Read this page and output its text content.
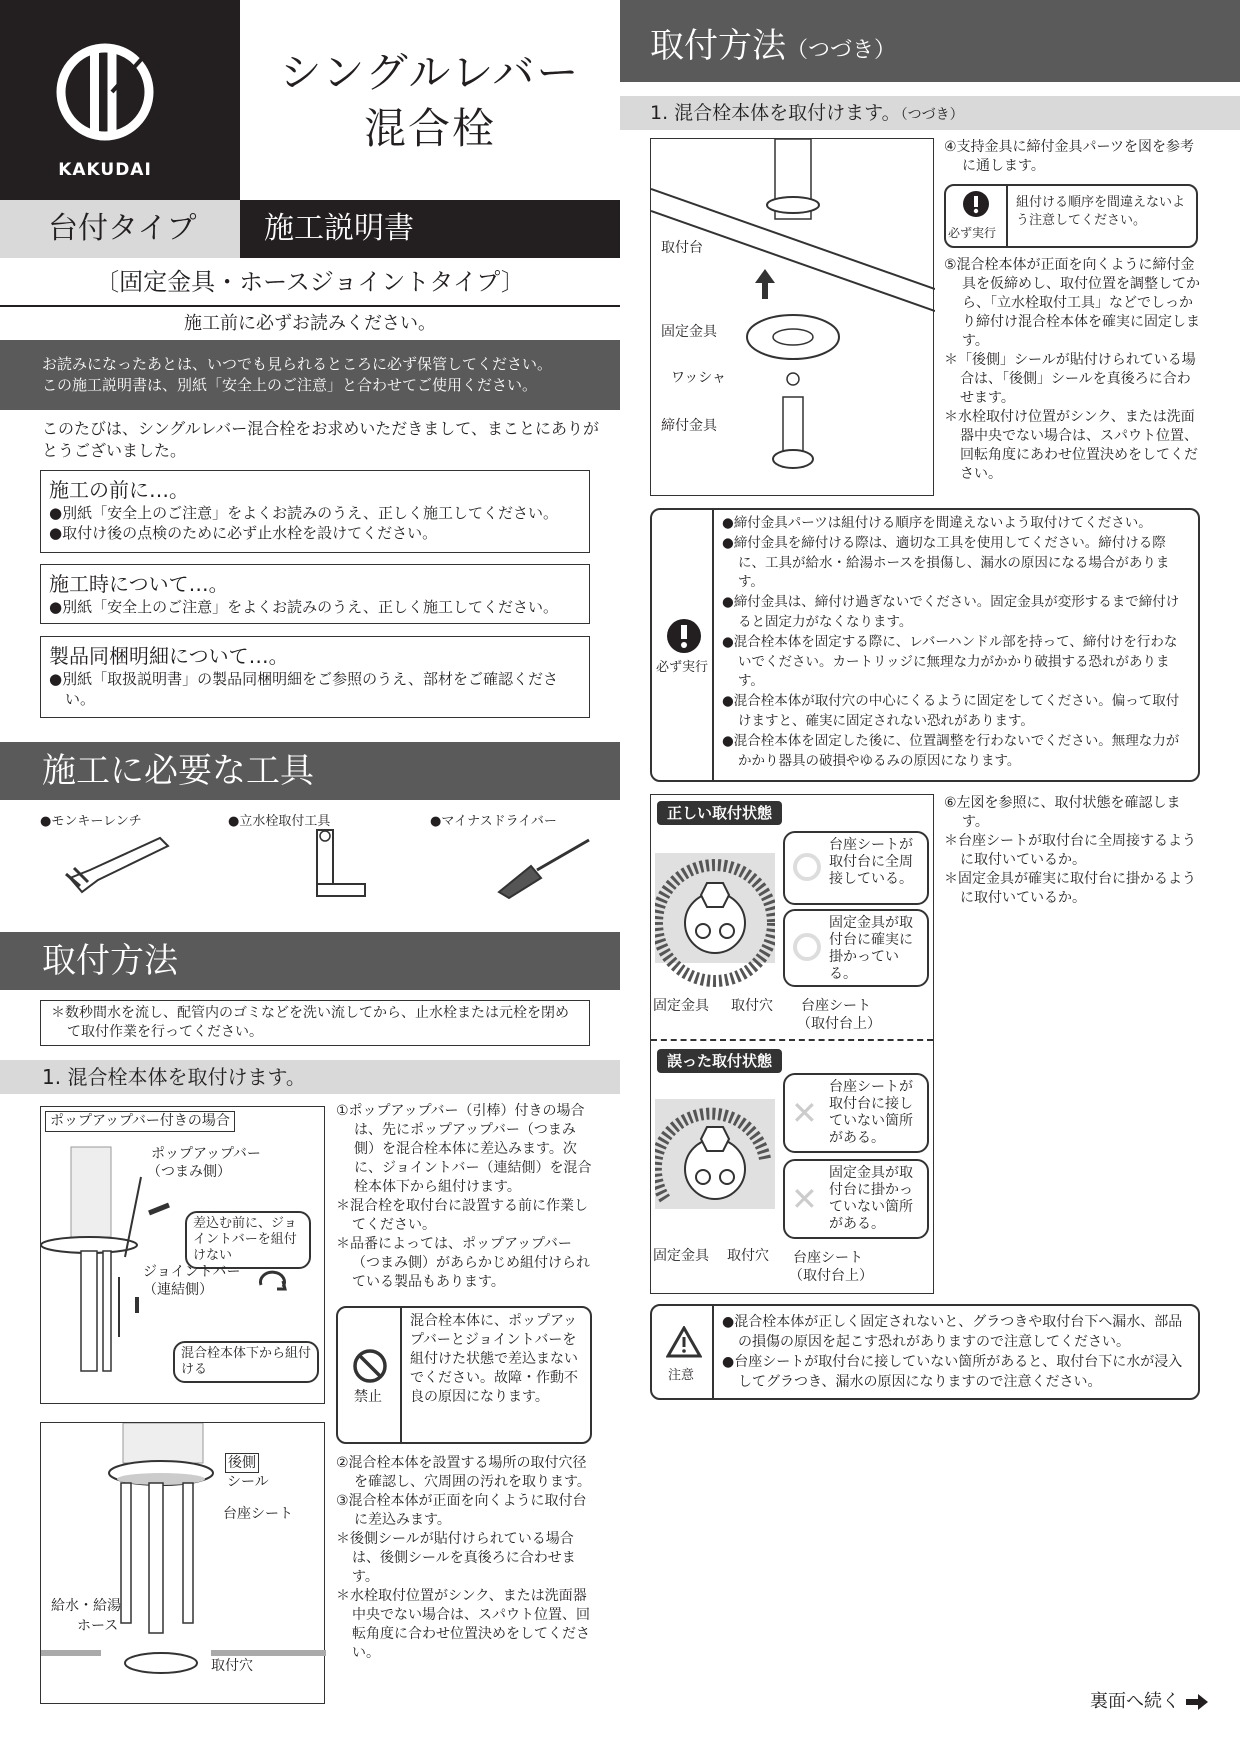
KAKUDAI
シングルレバー
混合栓
台付タイプ	施工説明書
〔固定金具・ホースジョイントタイプ〕
施工前に必ずお読みください。
お読みになったあとは、いつでも見られるところに必ず保管してください。
この施工説明書は、別紙「安全上のご注意」と合わせてご使用ください。
このたびは、シングルレバー混合栓をお求めいただきまして、まことにありがとうございました。
施工の前に…。
●別紙「安全上のご注意」をよくお読みのうえ、正しく施工してください。
●取付け後の点検のために必ず止水栓を設けてください。
施工時について…。
●別紙「安全上のご注意」をよくお読みのうえ、正しく施工してください。
製品同梱明細について…。
●別紙「取扱説明書」の製品同梱明細をご参照のうえ、部材をご確認ください。
施工に必要な工具
●モンキーレンチ	●立水栓取付工具	●マイナスドライバー
取付方法
＊数秒間水を流し、配管内のゴミなどを洗い流してから、止水栓または元栓を閉めて取付作業を行ってください。
1. 混合栓本体を取付けます。
ポップアップバー付きの場合
ポップアップバー
（つまみ側）
差込む前に、ジョイントバーを組付けない
ジョイントバー
（連結側）
混合栓本体下から組付ける
①ポップアップバー（引棒）付きの場合は、先にポップアップバー（つまみ側）を混合栓本体に差込みます。次に、ジョイントバー（連結側）を混合栓本体下から組付けます。
＊混合栓を取付台に設置する前に作業してください。
＊品番によっては、ポップアップバー（つまみ側）があらかじめ組付けられている製品もあります。
禁止
混合栓本体に、ポップアップバーとジョイントバーを組付けた状態で差込まないでください。故障・作動不良の原因になります。
後側
シール
台座シート
給水・給湯
ホース
取付穴
②混合栓本体を設置する場所の取付穴径を確認し、穴周囲の汚れを取ります。
③混合栓本体が正面を向くように取付台に差込みます。
＊後側シールが貼付けられている場合は、後側シールを真後ろに合わせます。
＊水栓取付位置がシンク、または洗面器中央でない場合は、スパウト位置、回転角度に合わせ位置決めをしてください。
取付方法（つづき）
1. 混合栓本体を取付けます。（つづき）
取付台
固定金具
ワッシャ
締付金具
④支持金具に締付金具パーツを図を参考に通します。
必ず実行
組付ける順序を間違えないよう注意してください。
⑤混合栓本体が正面を向くように締付金具を仮締めし、取付位置を調整してから、「立水栓取付工具」などでしっかり締付け混合栓本体を確実に固定します。
＊「後側」シールが貼付けられている場合は、「後側」シールを真後ろに合わせます。
＊水栓取付け位置がシンク、または洗面器中央でない場合は、スパウト位置、回転角度にあわせ位置決めをしてください。
必ず実行
●締付金具パーツは組付ける順序を間違えないよう取付けてください。
●締付金具を締付ける際は、適切な工具を使用してください。締付ける際に、工具が給水・給湯ホースを損傷し、漏水の原因になる場合があります。
●締付金具は、締付け過ぎないでください。固定金具が変形するまで締付けると固定力がなくなります。
●混合栓本体を固定する際に、レバーハンドル部を持って、締付けを行わないでください。カートリッジに無理な力がかかり破損する恐れがあります。
●混合栓本体が取付穴の中心にくるように固定をしてください。偏って取付けますと、確実に固定されない恐れがあります。
●混合栓本体を固定した後に、位置調整を行わないでください。無理な力がかかり器具の破損やゆるみの原因になります。
正しい取付状態
台座シートが取付台に全周接している。
固定金具が取付台に確実に掛かっている。
固定金具 取付穴 台座シート
（取付台上）
誤った取付状態
✕
台座シートが取付台に接していない箇所がある。
✕
固定金具が取付台に掛かっていない箇所がある。
固定金具 取付穴 台座シート
（取付台上）
⑥左図を参照に、取付状態を確認します。
＊台座シートが取付台に全周接するように取付いているか。
＊固定金具が確実に取付台に掛かるように取付いているか。
注意
●混合栓本体が正しく固定されないと、グラつきや取付台下へ漏水、部品の損傷の原因を起こす恐れがありますので注意してください。
●台座シートが取付台に接していない箇所があると、取付台下に水が浸入してグラつき、漏水の原因になりますので注意ください。
裏面へ続く
